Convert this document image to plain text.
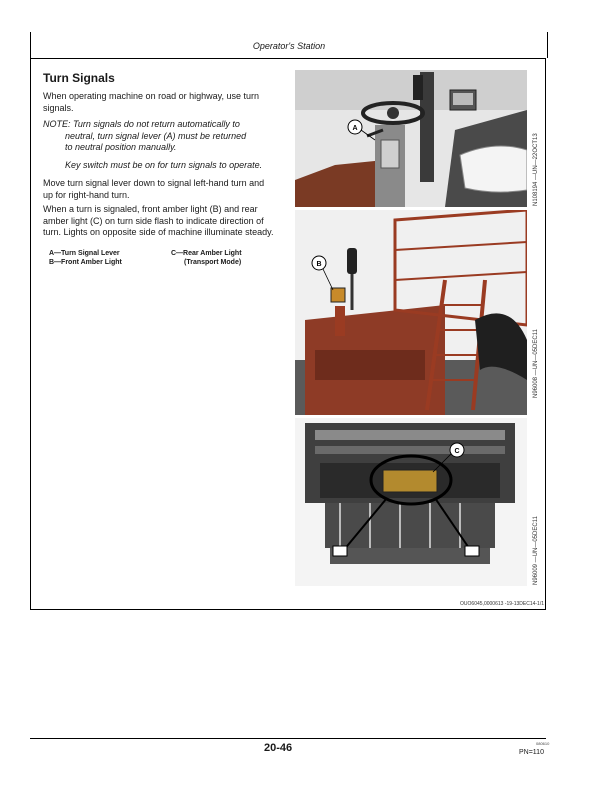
Operator's Station
Turn Signals

When operating machine on road or highway, use turn
signals.

NOTE: Turn signals do not return automatically to
neutral, turn signal lever (A) must be returned
to neutral position manually.
Key switch must be on for turn signals to operate.

Move turn signal lever down to signal left-hand turn and
up for right-hand turn.

When a turn is signaled, front amber light (B) and rear
amber light (C) on turn side flash to indicate direction of
turn. Lights on opposite side of machine illuminate steady.

A—Turn Signal Lever
B—Front Amber Light
C—Rear Amber Light
(Transport Mode)
A
N108194 —UN—22OCT13
B
N96008 —UN—05DEC11
C
N96009 —UN—05DEC11
OUO6045,0000613 -19-13DEC14-1/1
20-46	080610
PN=110
